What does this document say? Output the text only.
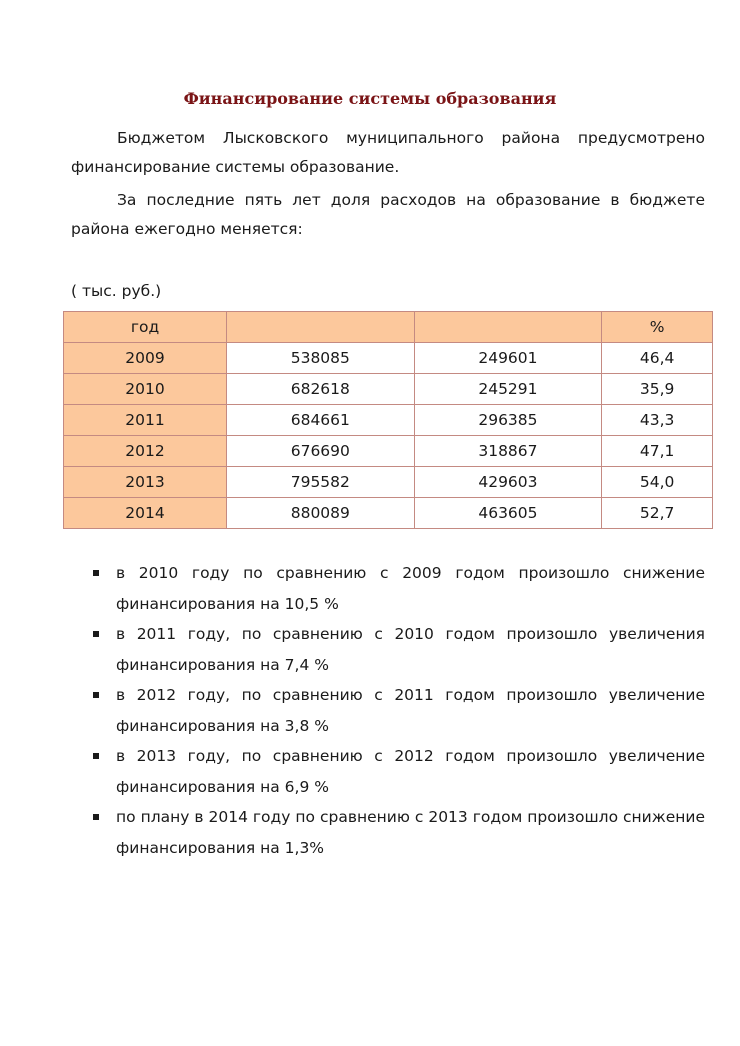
Финансирование системы образования

Бюджетом Лысковского муниципального района предусмотрено финансирование системы образование.

За последние пять лет доля расходов на образование в бюджете района ежегодно меняется:

( тыс. руб.)
год			%
2009	538085	249601	46,4
2010	682618	245291	35,9
2011	684661	296385	43,3
2012	676690	318867	47,1
2013	795582	429603	54,0
2014	880089	463605	52,7
в 2010 году по сравнению с 2009 годом произошло снижение финансирования на 10,5 %
в 2011 году, по сравнению с 2010 годом произошло увеличения финансирования на 7,4 %
в 2012 году, по сравнению с 2011 годом произошло увеличение финансирования на 3,8 %
в 2013 году, по сравнению с 2012 годом произошло увеличение финансирования на 6,9 %
по плану в 2014 году по сравнению с 2013 годом произошло снижение финансирования на 1,3%
